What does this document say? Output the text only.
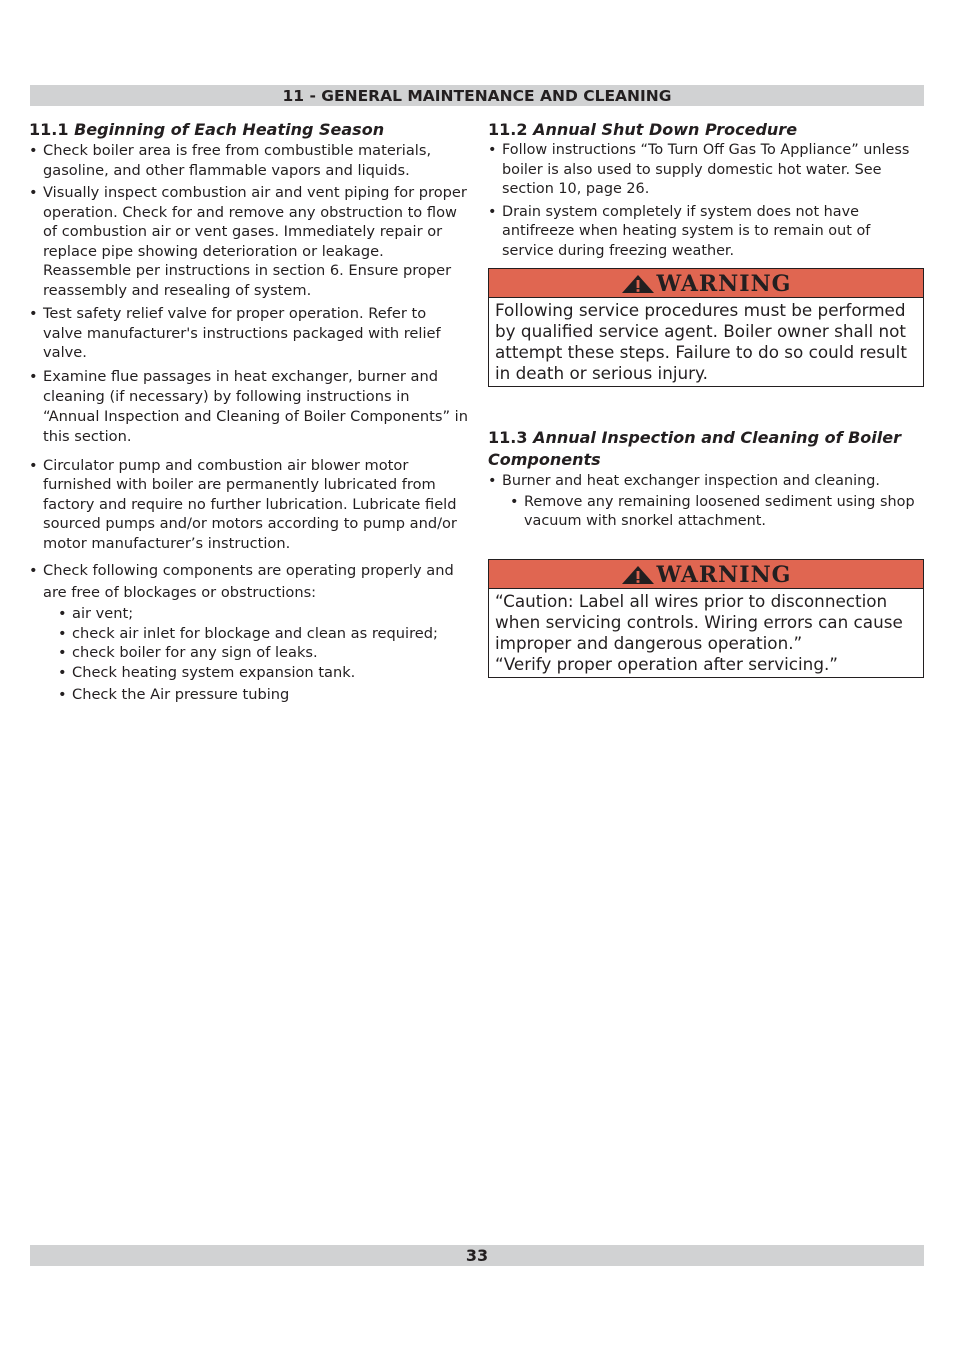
11 - GENERAL MAINTENANCE AND CLEANING
11.1 Beginning of Each Heating Season
• Check boiler area is free from combustible materials, gasoline, and other flammable vapors and liquids.
• Visually inspect combustion air and vent piping for proper operation. Check for and remove any obstruction to flow of combustion air or vent gases. Immediately repair or replace pipe showing deterioration or leakage. Reassemble per instructions in section 6. Ensure proper reassembly and resealing of system.
• Test safety relief valve for proper operation. Refer to valve manufacturer's instructions packaged with relief valve.
• Examine flue passages in heat exchanger, burner and cleaning (if necessary) by following instructions in “Annual Inspection and Cleaning of Boiler Components” in this section.
• Circulator pump and combustion air blower motor furnished with boiler are permanently lubricated from factory and require no further lubrication. Lubricate field sourced pumps and/or motors according to pump and/or motor manufacturer’s instruction.
• Check following components are operating properly and are free of blockages or obstructions:
• air vent;
• check air inlet for blockage and clean as required;
• check boiler for any sign of leaks.
• Check heating system expansion tank.
• Check the Air pressure tubing
11.2 Annual Shut Down Procedure
• Follow instructions “To Turn Off Gas To Appliance” unless boiler is also used to supply domestic hot water. See section 10, page 26.
• Drain system completely if system does not have antifreeze when heating system is to remain out of service during freezing weather.
WARNING
Following service procedures must be performed by qualified service agent. Boiler owner shall not attempt these steps. Failure to do so could result in death or serious injury.
11.3 Annual Inspection and Cleaning of Boiler Components
• Burner and heat exchanger inspection and cleaning.
• Remove any remaining loosened sediment using shop vacuum with snorkel attachment.
WARNING
“Caution: Label all wires prior to disconnection when servicing controls. Wiring errors can cause improper and dangerous operation.”
“Verify proper operation after servicing.”
33
